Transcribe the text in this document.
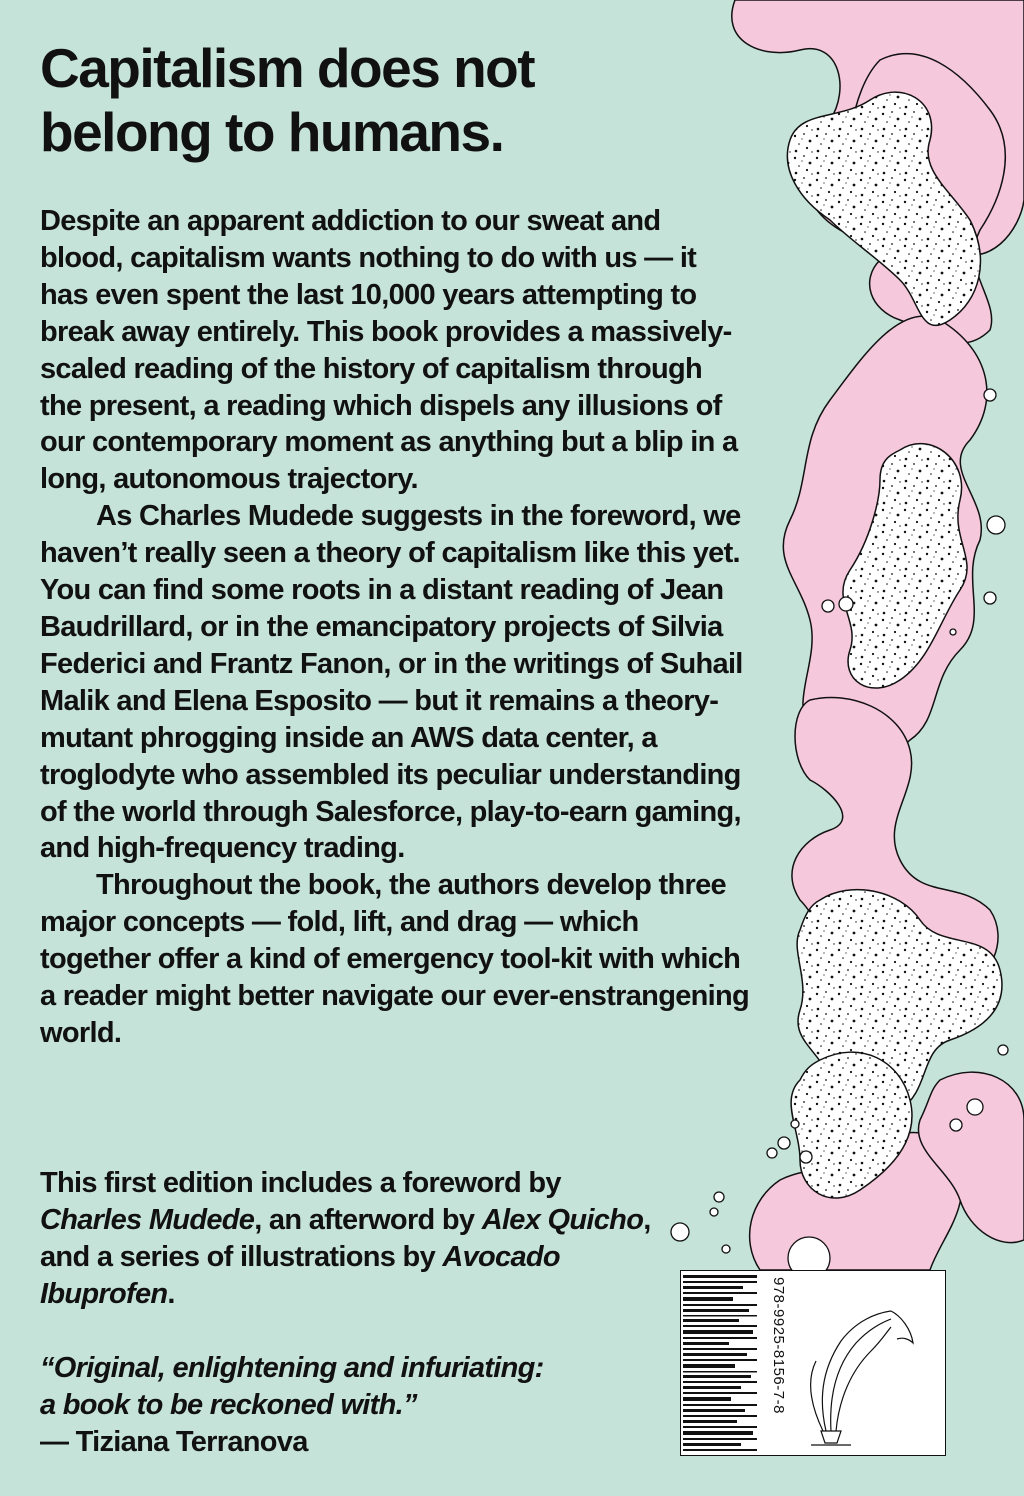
Capitalism does not
belong to humans.

Despite an apparent addiction to our sweat and blood, capitalism wants nothing to do with us — it has even spent the last 10,000 years attempting to break away entirely. This book provides a massively-scaled reading of the history of capitalism through the present, a reading which dispels any illusions of our contemporary moment as anything but a blip in a long, autonomous trajectory.

As Charles Mudede suggests in the foreword, we haven’t really seen a theory of capitalism like this yet. You can find some roots in a distant reading of Jean Baudrillard, or in the emancipatory projects of Silvia Federici and Frantz Fanon, or in the writings of Suhail Malik and Elena Esposito — but it remains a theory-mutant phrogging inside an AWS data center, a troglodyte who assembled its peculiar understanding of the world through Salesforce, play-to-earn gaming, and high-frequency trading.

Throughout the book, the authors develop three major concepts — fold, lift, and drag — which together offer a kind of emergency tool-kit with which a reader might better navigate our ever-enstrangening world.

This first edition includes a foreword by Charles Mudede, an afterword by Alex Quicho, and a series of illustrations by Avocado Ibuprofen.
“Original, enlightening and infuriating:
a book to be reckoned with.”
— Tiziana Terranova
978-9925-8156-7-8
